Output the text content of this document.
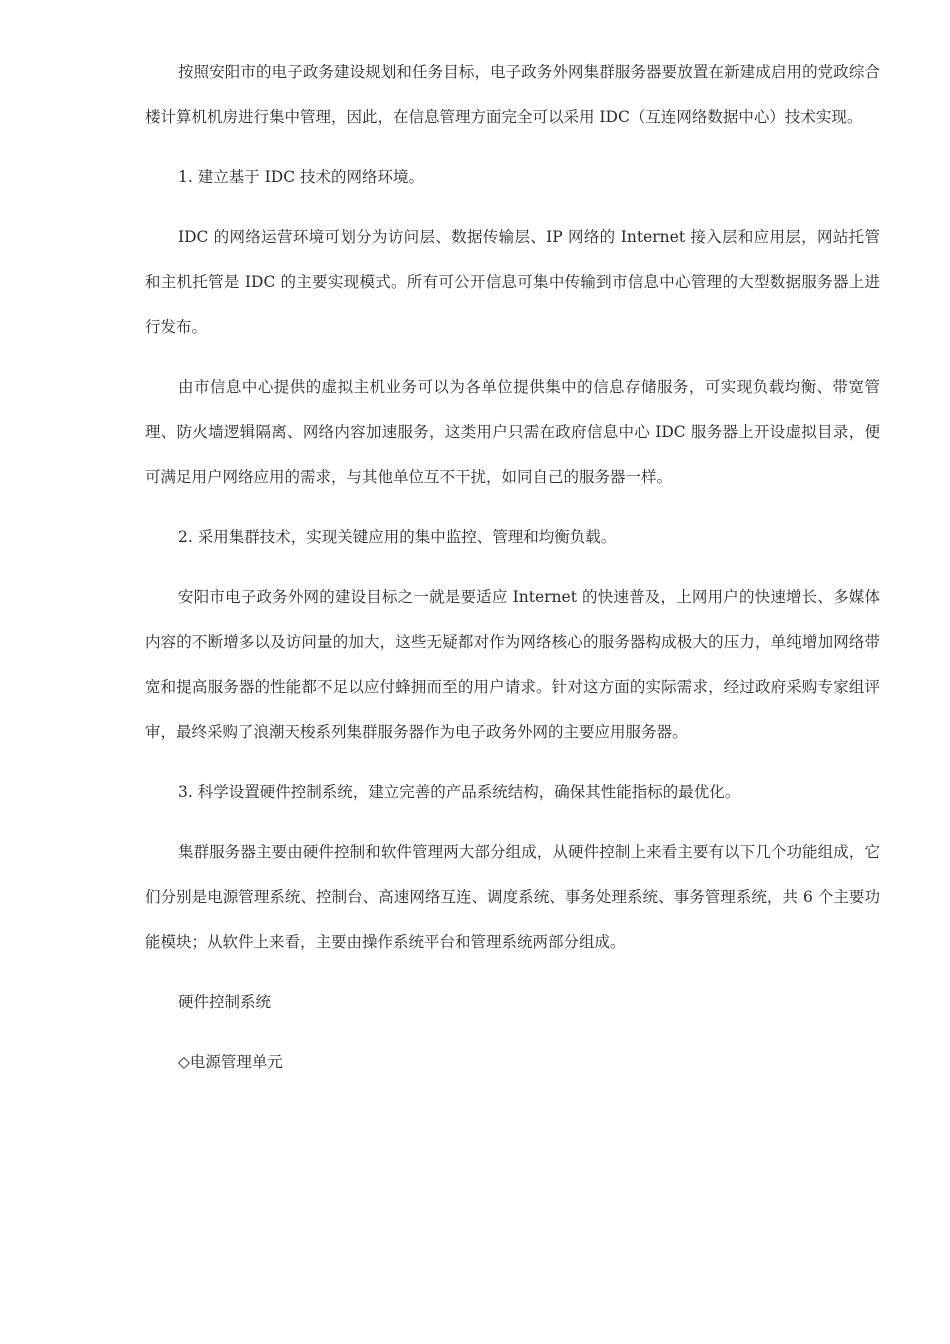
按照安阳市的电子政务建设规划和任务目标，电子政务外网集群服务器要放置在新建成启用的党政综合楼计算机机房进行集中管理，因此，在信息管理方面完全可以采用 IDC（互连网络数据中心）技术实现。

1. 建立基于 IDC 技术的网络环境。

IDC 的网络运营环境可划分为访问层、数据传输层、IP 网络的 Internet 接入层和应用层，网站托管和主机托管是 IDC 的主要实现模式。所有可公开信息可集中传输到市信息中心管理的大型数据服务器上进行发布。

由市信息中心提供的虚拟主机业务可以为各单位提供集中的信息存储服务，可实现负载均衡、带宽管理、防火墙逻辑隔离、网络内容加速服务，这类用户只需在政府信息中心 IDC 服务器上开设虚拟目录，便可满足用户网络应用的需求，与其他单位互不干扰，如同自己的服务器一样。

2. 采用集群技术，实现关键应用的集中监控、管理和均衡负载。

安阳市电子政务外网的建设目标之一就是要适应 Internet 的快速普及，上网用户的快速增长、多媒体内容的不断增多以及访问量的加大，这些无疑都对作为网络核心的服务器构成极大的压力，单纯增加网络带宽和提高服务器的性能都不足以应付蜂拥而至的用户请求。针对这方面的实际需求，经过政府采购专家组评审，最终采购了浪潮天梭系列集群服务器作为电子政务外网的主要应用服务器。

3. 科学设置硬件控制系统，建立完善的产品系统结构，确保其性能指标的最优化。

集群服务器主要由硬件控制和软件管理两大部分组成，从硬件控制上来看主要有以下几个功能组成，它们分别是电源管理系统、控制台、高速网络互连、调度系统、事务处理系统、事务管理系统，共 6 个主要功能模块；从软件上来看，主要由操作系统平台和管理系统两部分组成。

硬件控制系统

◇电源管理单元
